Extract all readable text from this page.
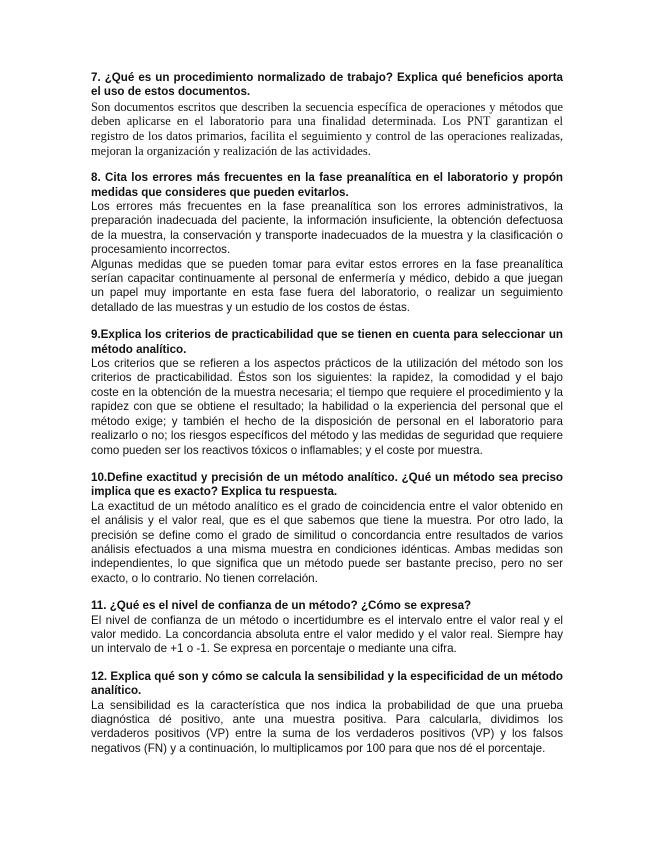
7. ¿Qué es un procedimiento normalizado de trabajo? Explica qué beneficios aporta el uso de estos documentos.

Son documentos escritos que describen la secuencia específica de operaciones y métodos que deben aplicarse en el laboratorio para una finalidad determinada. Los PNT garantizan el registro de los datos primarios, facilita el seguimiento y control de las operaciones realizadas, mejoran la organización y realización de las actividades.

8. Cita los errores más frecuentes en la fase preanalítica en el laboratorio y propón medidas que consideres que pueden evitarlos.

Los errores más frecuentes en la fase preanalítica son los errores administrativos, la preparación inadecuada del paciente, la información insuficiente, la obtención defectuosa de la muestra, la conservación y transporte inadecuados de la muestra y la clasificación o procesamiento incorrectos.

Algunas medidas que se pueden tomar para evitar estos errores en la fase preanalítica serían capacitar continuamente al personal de enfermería y médico, debido a que juegan un papel muy importante en esta fase fuera del laboratorio, o realizar un seguimiento detallado de las muestras y un estudio de los costos de éstas.

9.Explica los criterios de practicabilidad que se tienen en cuenta para seleccionar un método analítico.

Los criterios que se refieren a los aspectos prácticos de la utilización del método son los criterios de practicabilidad. Éstos son los siguientes: la rapidez, la comodidad y el bajo coste en la obtención de la muestra necesaria; el tiempo que requiere el procedimiento y la rapidez con que se obtiene el resultado; la habilidad o la experiencia del personal que el método exige; y también el hecho de la disposición de personal en el laboratorio para realizarlo o no; los riesgos específicos del método y las medidas de seguridad que requiere como pueden ser los reactivos tóxicos o inflamables; y el coste por muestra.

10.Define exactitud y precisión de un método analítico. ¿Qué un método sea preciso implica que es exacto? Explica tu respuesta.

La exactitud de un método analítico es el grado de coincidencia entre el valor obtenido en el análisis y el valor real, que es el que sabemos que tiene la muestra. Por otro lado, la precisión se define como el grado de similitud o concordancia entre resultados de varios análisis efectuados a una misma muestra en condiciones idénticas. Ambas medidas son independientes, lo que significa que un método puede ser bastante preciso, pero no ser exacto, o lo contrario. No tienen correlación.

11. ¿Qué es el nivel de confianza de un método? ¿Cómo se expresa?

El nivel de confianza de un método o incertidumbre es el intervalo entre el valor real y el valor medido. La concordancia absoluta entre el valor medido y el valor real. Siempre hay un intervalo de +1 o -1. Se expresa en porcentaje o mediante una cifra.

12. Explica qué son y cómo se calcula la sensibilidad y la especificidad de un método analítico.

La sensibilidad es la característica que nos indica la probabilidad de que una prueba diagnóstica dé positivo, ante una muestra positiva. Para calcularla, dividimos los verdaderos positivos (VP) entre la suma de los verdaderos positivos (VP) y los falsos negativos (FN) y a continuación, lo multiplicamos por 100 para que nos dé el porcentaje.
